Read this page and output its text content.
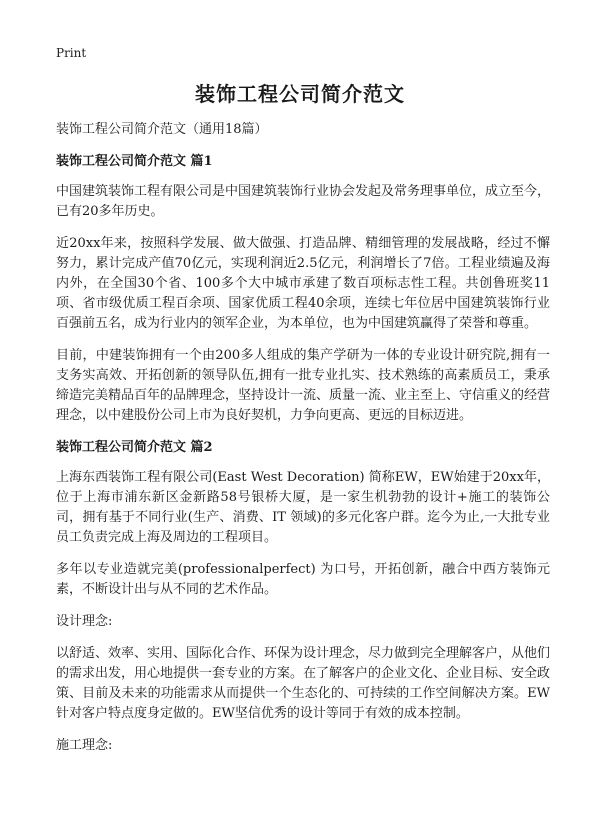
Print
装饰工程公司简介范文

装饰工程公司简介范文（通用18篇）

装饰工程公司简介范文 篇1

中国建筑装饰工程有限公司是中国建筑装饰行业协会发起及常务理事单位，成立至今，已有20多年历史。

近20xx年来，按照科学发展、做大做强、打造品牌、精细管理的发展战略，经过不懈努力，累计完成产值70亿元，实现利润近2.5亿元，利润增长了7倍。工程业绩遍及海内外，在全国30个省、100多个大中城市承建了数百项标志性工程。共创鲁班奖11项、省市级优质工程百余项、国家优质工程40余项，连续七年位居中国建筑装饰行业百强前五名，成为行业内的领军企业，为本单位，也为中国建筑赢得了荣誉和尊重。

目前，中建装饰拥有一个由200多人组成的集产学研为一体的专业设计研究院,拥有一支务实高效、开拓创新的领导队伍,拥有一批专业扎实、技术熟练的高素质员工，秉承缔造完美精品百年的品牌理念，坚持设计一流、质量一流、业主至上、守信重义的经营理念，以中建股份公司上市为良好契机，力争向更高、更远的目标迈进。

装饰工程公司简介范文 篇2

上海东西装饰工程有限公司(East West Decoration) 简称EW，EW始建于20xx年，位于上海市浦东新区金新路58号银桥大厦，是一家生机勃勃的设计+施工的装饰公司，拥有基于不同行业(生产、消费、IT 领域)的多元化客户群。迄今为止,一大批专业员工负责完成上海及周边的工程项目。

多年以专业造就完美(professionalperfect) 为口号，开拓创新，融合中西方装饰元素，不断设计出与从不同的艺术作品。

设计理念:

以舒适、效率、实用、国际化合作、环保为设计理念，尽力做到完全理解客户，从他们的需求出发，用心地提供一套专业的方案。在了解客户的企业文化、企业目标、安全政策、目前及未来的功能需求从而提供一个生态化的、可持续的工作空间解决方案。EW针对客户特点度身定做的。EW坚信优秀的设计等同于有效的成本控制。

施工理念:
